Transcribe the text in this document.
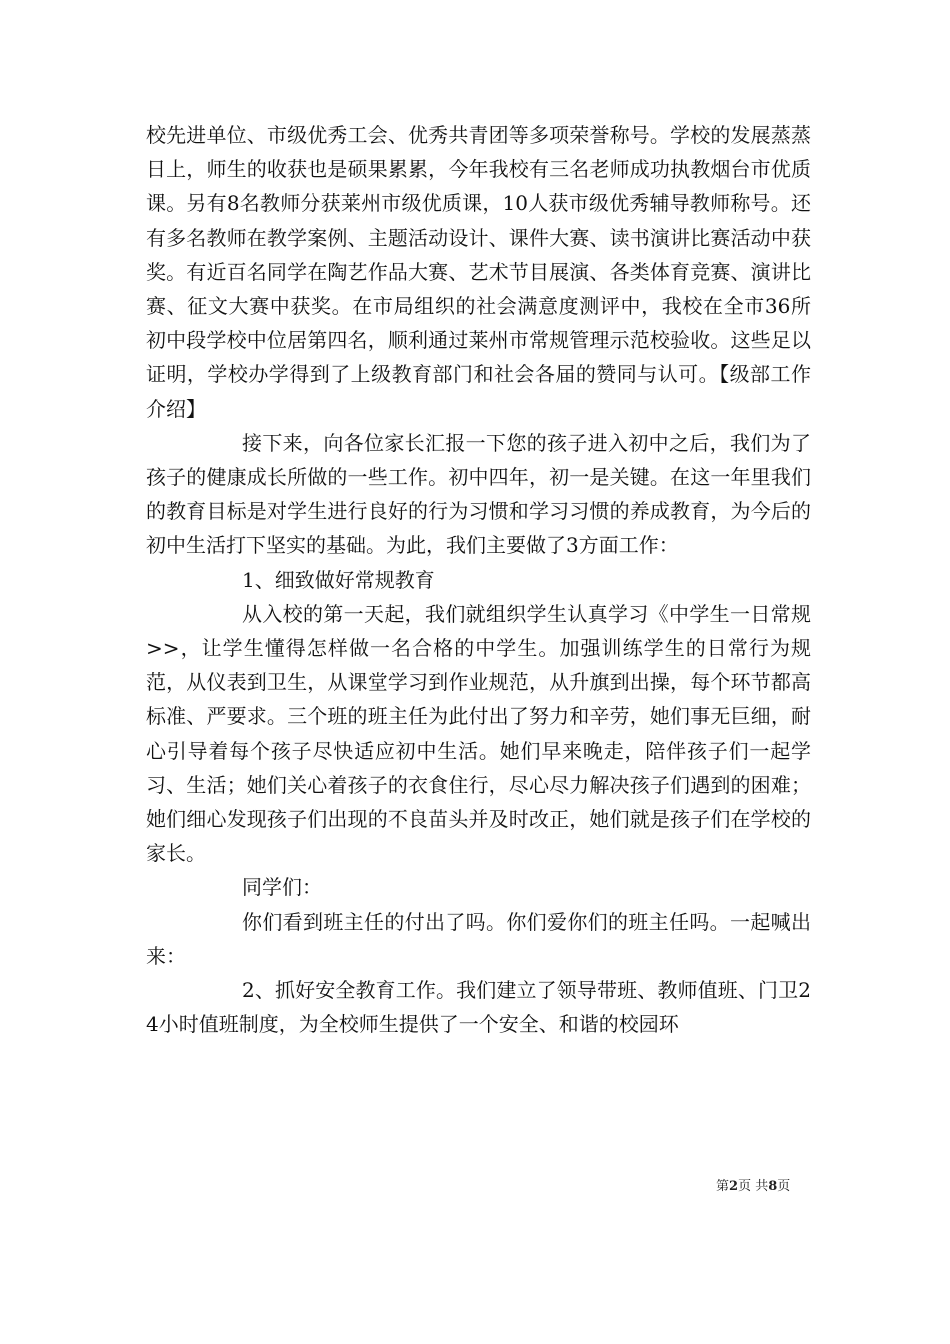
校先进单位、市级优秀工会、优秀共青团等多项荣誉称号。学校的发展蒸蒸日上，师生的收获也是硕果累累，今年我校有三名老师成功执教烟台市优质课。另有8名教师分获莱州市级优质课，10人获市级优秀辅导教师称号。还有多名教师在教学案例、主题活动设计、课件大赛、读书演讲比赛活动中获奖。有近百名同学在陶艺作品大赛、艺术节目展演、各类体育竞赛、演讲比赛、征文大赛中获奖。在市局组织的社会满意度测评中，我校在全市36所初中段学校中位居第四名，顺利通过莱州市常规管理示范校验收。这些足以证明，学校办学得到了上级教育部门和社会各届的赞同与认可。【级部工作介绍】

接下来，向各位家长汇报一下您的孩子进入初中之后，我们为了孩子的健康成长所做的一些工作。初中四年，初一是关键。在这一年里我们的教育目标是对学生进行良好的行为习惯和学习习惯的养成教育，为今后的初中生活打下坚实的基础。为此，我们主要做了3方面工作：

1、细致做好常规教育

从入校的第一天起，我们就组织学生认真学习《中学生一日常规>>，让学生懂得怎样做一名合格的中学生。加强训练学生的日常行为规范，从仪表到卫生，从课堂学习到作业规范，从升旗到出操，每个环节都高标准、严要求。三个班的班主任为此付出了努力和辛劳，她们事无巨细，耐心引导着每个孩子尽快适应初中生活。她们早来晚走，陪伴孩子们一起学习、生活；她们关心着孩子的衣食住行，尽心尽力解决孩子们遇到的困难；她们细心发现孩子们出现的不良苗头并及时改正，她们就是孩子们在学校的家长。

同学们：

你们看到班主任的付出了吗。你们爱你们的班主任吗。一起喊出来：

2、抓好安全教育工作。我们建立了领导带班、教师值班、门卫24小时值班制度，为全校师生提供了一个安全、和谐的校园环

第2页 共8页
